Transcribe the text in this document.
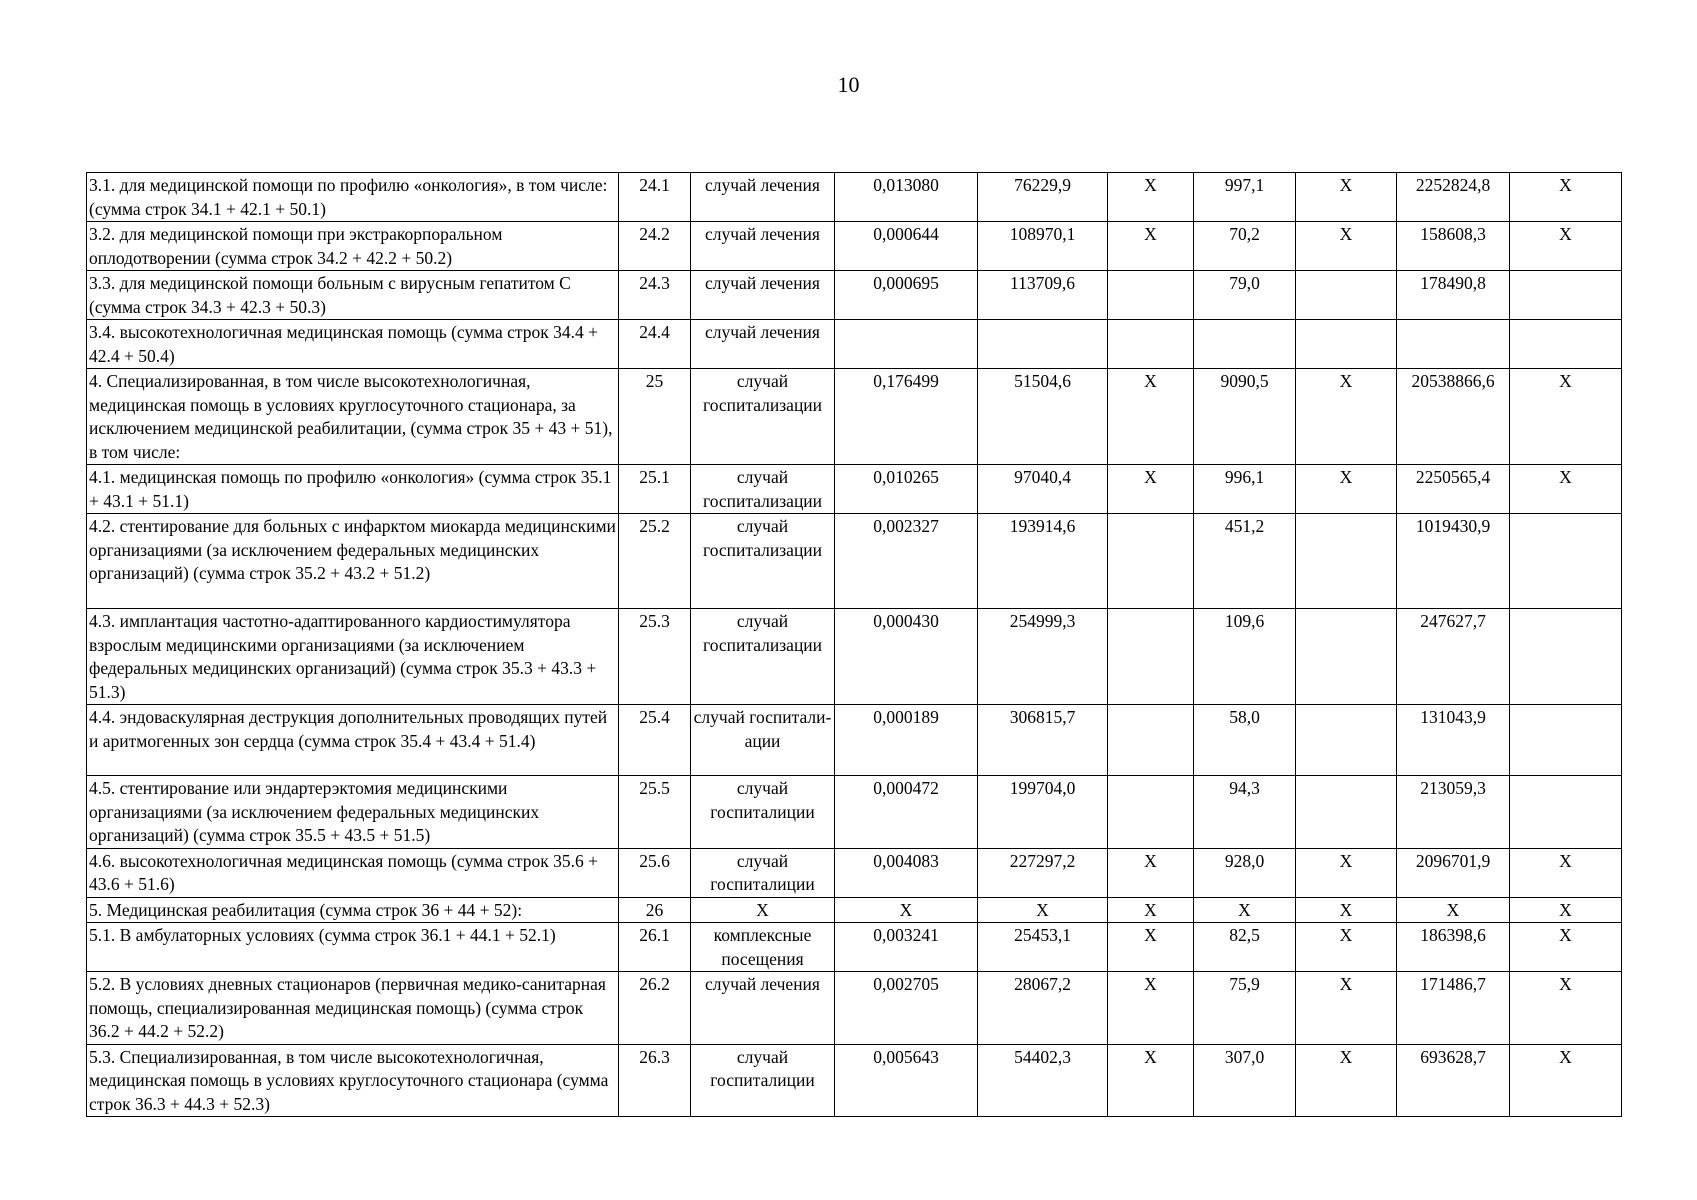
10
3.1. для медицинской помощи по профилю «онкология», в том числе: (сумма строк 34.1 + 42.1 + 50.1)	24.1	случай лечения	0,013080	76229,9	Х	997,1	Х	2252824,8	Х
3.2. для медицинской помощи при экстракорпоральном оплодотворении (сумма строк 34.2 + 42.2 + 50.2)	24.2	случай лечения	0,000644	108970,1	Х	70,2	Х	158608,3	Х
3.3. для медицинской помощи больным с вирусным гепатитом С (сумма строк 34.3 + 42.3 + 50.3)	24.3	случай лечения	0,000695	113709,6		79,0		178490,8	
3.4. высокотехнологичная медицинская помощь (сумма строк 34.4 + 42.4 + 50.4)	24.4	случай лечения							
4. Специализированная, в том числе высокотехнологичная, медицинская помощь в условиях круглосуточного стационара, за исключением медицинской реабилитации, (сумма строк 35 + 43 + 51), в том числе:	25	случай госпитализации	0,176499	51504,6	Х	9090,5	Х	20538866,6	Х
4.1. медицинская помощь по профилю «онкология» (сумма строк 35.1 + 43.1 + 51.1)	25.1	случай госпитализации	0,010265	97040,4	Х	996,1	Х	2250565,4	Х
4.2. стентирование для больных с инфарктом миокарда медицинскими организациями (за исключением федеральных медицинских организаций) (сумма строк 35.2 + 43.2 + 51.2)	25.2	случай госпитализации	0,002327	193914,6		451,2		1019430,9	
4.3. имплантация частотно-адаптированного кардиостимулятора взрослым медицинскими организациями (за исключением федеральных медицинских организаций) (сумма строк 35.3 + 43.3 + 51.3)	25.3	случай госпитализации	0,000430	254999,3		109,6		247627,7	
4.4. эндоваскулярная деструкция дополнительных проводящих путей и аритмогенных зон сердца (сумма строк 35.4 + 43.4 + 51.4)	25.4	случай госпитали-ации	0,000189	306815,7		58,0		131043,9	
4.5. стентирование или эндартерэктомия медицинскими организациями (за исключением федеральных медицинских организаций) (сумма строк 35.5 + 43.5 + 51.5)	25.5	случай госпиталиции	0,000472	199704,0		94,3		213059,3	
4.6. высокотехнологичная медицинская помощь (сумма строк 35.6 + 43.6 + 51.6)	25.6	случай госпиталиции	0,004083	227297,2	Х	928,0	Х	2096701,9	Х
5. Медицинская реабилитация (сумма строк 36 + 44 + 52):	26	Х	Х	Х	Х	Х	Х	Х	Х
5.1. В амбулаторных условиях (сумма строк 36.1 + 44.1 + 52.1)	26.1	комплексные посещения	0,003241	25453,1	Х	82,5	Х	186398,6	Х
5.2. В условиях дневных стационаров (первичная медико-санитарная помощь, специализированная медицинская помощь) (сумма строк 36.2 + 44.2 + 52.2)	26.2	случай лечения	0,002705	28067,2	Х	75,9	Х	171486,7	Х
5.3. Специализированная, в том числе высокотехнологичная, медицинская помощь в условиях круглосуточного стационара (сумма строк 36.3 + 44.3 + 52.3)	26.3	случай госпиталиции	0,005643	54402,3	Х	307,0	Х	693628,7	Х
